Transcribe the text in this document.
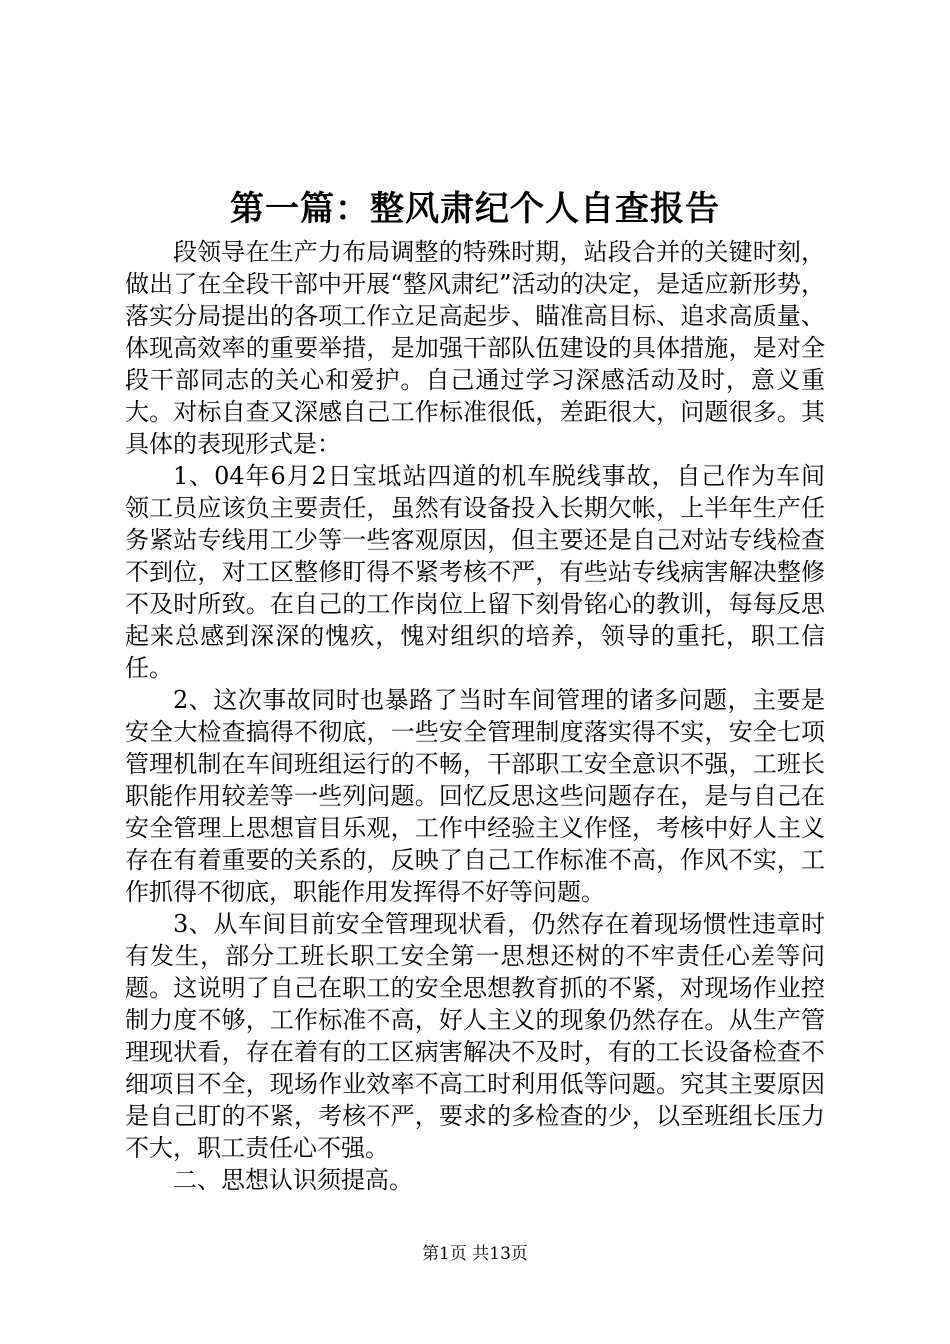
第一篇：整风肃纪个人自查报告

段领导在生产力布局调整的特殊时期，站段合并的关键时刻，做出了在全段干部中开展“整风肃纪”活动的决定，是适应新形势，落实分局提出的各项工作立足高起步、瞄准高目标、追求高质量、体现高效率的重要举措，是加强干部队伍建设的具体措施，是对全段干部同志的关心和爱护。自己通过学习深感活动及时，意义重大。对标自查又深感自己工作标准很低，差距很大，问题很多。其具体的表现形式是：

1、04年6月2日宝坻站四道的机车脱线事故，自己作为车间领工员应该负主要责任，虽然有设备投入长期欠帐，上半年生产任务紧站专线用工少等一些客观原因，但主要还是自己对站专线检查不到位，对工区整修盯得不紧考核不严，有些站专线病害解决整修不及时所致。在自己的工作岗位上留下刻骨铭心的教训，每每反思起来总感到深深的愧疚，愧对组织的培养，领导的重托，职工信任。

2、这次事故同时也暴路了当时车间管理的诸多问题，主要是安全大检查搞得不彻底，一些安全管理制度落实得不实，安全七项管理机制在车间班组运行的不畅，干部职工安全意识不强，工班长职能作用较差等一些列问题。回忆反思这些问题存在，是与自己在安全管理上思想盲目乐观，工作中经验主义作怪，考核中好人主义存在有着重要的关系的，反映了自己工作标准不高，作风不实，工作抓得不彻底，职能作用发挥得不好等问题。

3、从车间目前安全管理现状看，仍然存在着现场惯性违章时有发生，部分工班长职工安全第一思想还树的不牢责任心差等问题。这说明了自己在职工的安全思想教育抓的不紧，对现场作业控制力度不够，工作标准不高，好人主义的现象仍然存在。从生产管理现状看，存在着有的工区病害解决不及时，有的工长设备检查不细项目不全，现场作业效率不高工时利用低等问题。究其主要原因是自己盯的不紧，考核不严，要求的多检查的少，以至班组长压力不大，职工责任心不强。

二、思想认识须提高。

第1页 共13页
